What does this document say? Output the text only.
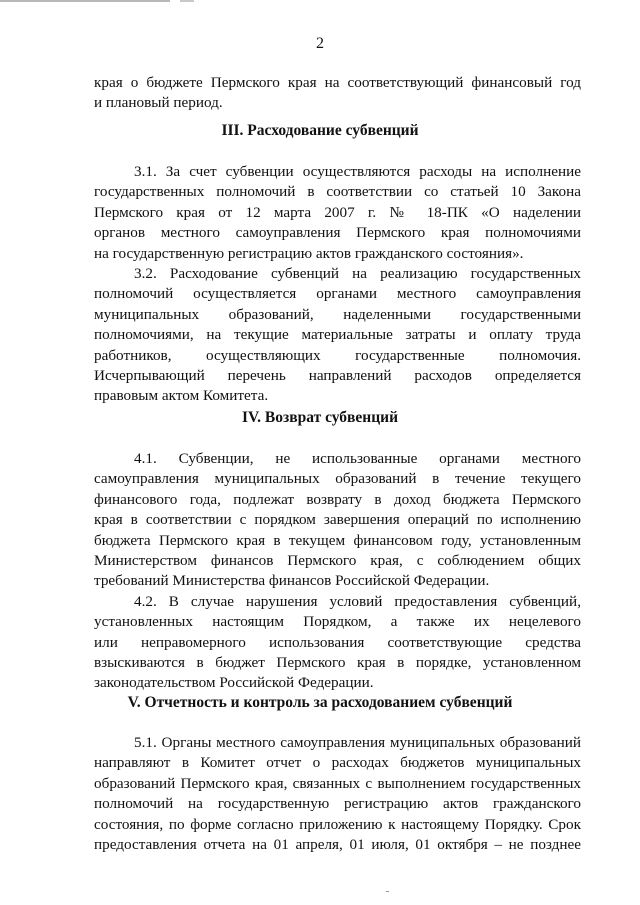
2
края о бюджете Пермского края на соответствующий финансовый год
и плановый период.
III. Расходование субвенций
3.1. За счет субвенции осуществляются расходы на исполнение
государственных полномочий в соответствии со статьей 10 Закона
Пермского края от 12 марта 2007 г. № 18-ПК «О наделении
органов местного самоуправления Пермского края полномочиями
на государственную регистрацию актов гражданского состояния».
3.2. Расходование субвенций на реализацию государственных
полномочий осуществляется органами местного самоуправления
муниципальных образований, наделенными государственными
полномочиями, на текущие материальные затраты и оплату труда
работников, осуществляющих государственные полномочия.
Исчерпывающий перечень направлений расходов определяется
правовым актом Комитета.
IV. Возврат субвенций
4.1. Субвенции, не использованные органами местного
самоуправления муниципальных образований в течение текущего
финансового года, подлежат возврату в доход бюджета Пермского
края в соответствии с порядком завершения операций по исполнению
бюджета Пермского края в текущем финансовом году, установленным
Министерством финансов Пермского края, с соблюдением общих
требований Министерства финансов Российской Федерации.
4.2. В случае нарушения условий предоставления субвенций,
установленных настоящим Порядком, а также их нецелевого
или неправомерного использования соответствующие средства
взыскиваются в бюджет Пермского края в порядке, установленном
законодательством Российской Федерации.
V. Отчетность и контроль за расходованием субвенций
5.1. Органы местного самоуправления муниципальных образований
направляют в Комитет отчет о расходах бюджетов муниципальных
образований Пермского края, связанных с выполнением государственных
полномочий на государственную регистрацию актов гражданского
состояния, по форме согласно приложению к настоящему Порядку. Срок
предоставления отчета на 01 апреля, 01 июля, 01 октября – не позднее
